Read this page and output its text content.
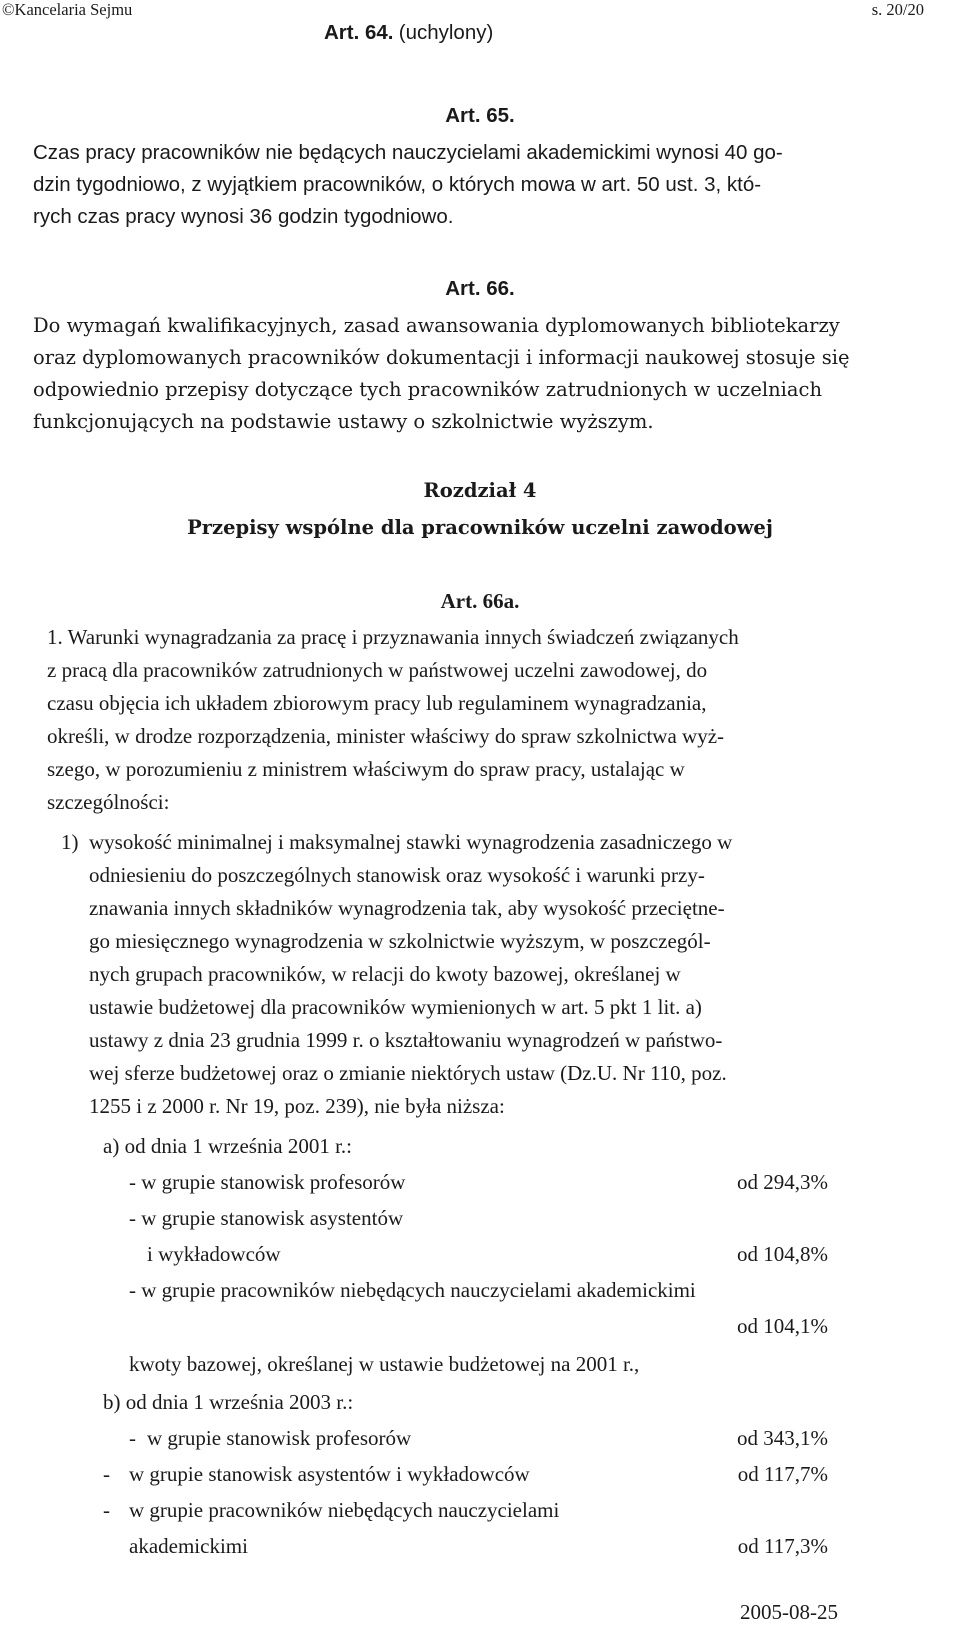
©Kancelaria Sejmu	s. 20/20
Art. 64. (uchylony)
Art. 65.
Czas pracy pracowników nie będących nauczycielami akademickimi wynosi 40 go-
dzin tygodniowo, z wyjątkiem pracowników, o których mowa w art. 50 ust. 3, któ-
rych czas pracy wynosi 36 godzin tygodniowo.
Art. 66.
Do wymagań kwalifikacyjnych, zasad awansowania dyplomowanych bibliotekarzy
oraz dyplomowanych pracowników dokumentacji i informacji naukowej stosuje się
odpowiednio przepisy dotyczące tych pracowników zatrudnionych w uczelniach
funkcjonujących na podstawie ustawy o szkolnictwie wyższym.
Rozdział 4
Przepisy wspólne dla pracowników uczelni zawodowej
Art. 66a.
1. Warunki wynagradzania za pracę i przyznawania innych świadczeń związanych
z pracą dla pracowników zatrudnionych w państwowej uczelni zawodowej, do
czasu objęcia ich układem zbiorowym pracy lub regulaminem wynagradzania,
określi, w drodze rozporządzenia, minister właściwy do spraw szkolnictwa wyż-
szego, w porozumieniu z ministrem właściwym do spraw pracy, ustalając w
szczególności:
1) wysokość minimalnej i maksymalnej stawki wynagrodzenia zasadniczego w
odniesieniu do poszczególnych stanowisk oraz wysokość i warunki przy-
znawania innych składników wynagrodzenia tak, aby wysokość przeciętne-
go miesięcznego wynagrodzenia w szkolnictwie wyższym, w poszczegól-
nych grupach pracowników, w relacji do kwoty bazowej, określanej w
ustawie budżetowej dla pracowników wymienionych w art. 5 pkt 1 lit. a)
ustawy z dnia 23 grudnia 1999 r. o kształtowaniu wynagrodzeń w państwo-
wej sferze budżetowej oraz o zmianie niektórych ustaw (Dz.U. Nr 110, poz.
1255 i z 2000 r. Nr 19, poz. 239), nie była niższa:
a) od dnia 1 września 2001 r.:
- w grupie stanowisk profesorów	od 294,3%
- w grupie stanowisk asystentów
i wykładowców	od 104,8%
- w grupie pracowników niebędących nauczycielami akademickimi
od 104,1%
kwoty bazowej, określanej w ustawie budżetowej na 2001 r.,
b) od dnia 1 września 2003 r.:
- w grupie stanowisk profesorów	od 343,1%
- w grupie stanowisk asystentów i wykładowców	od 117,7%
- w grupie pracowników niebędących nauczycielami
akademickimi	od 117,3%
2005-08-25
